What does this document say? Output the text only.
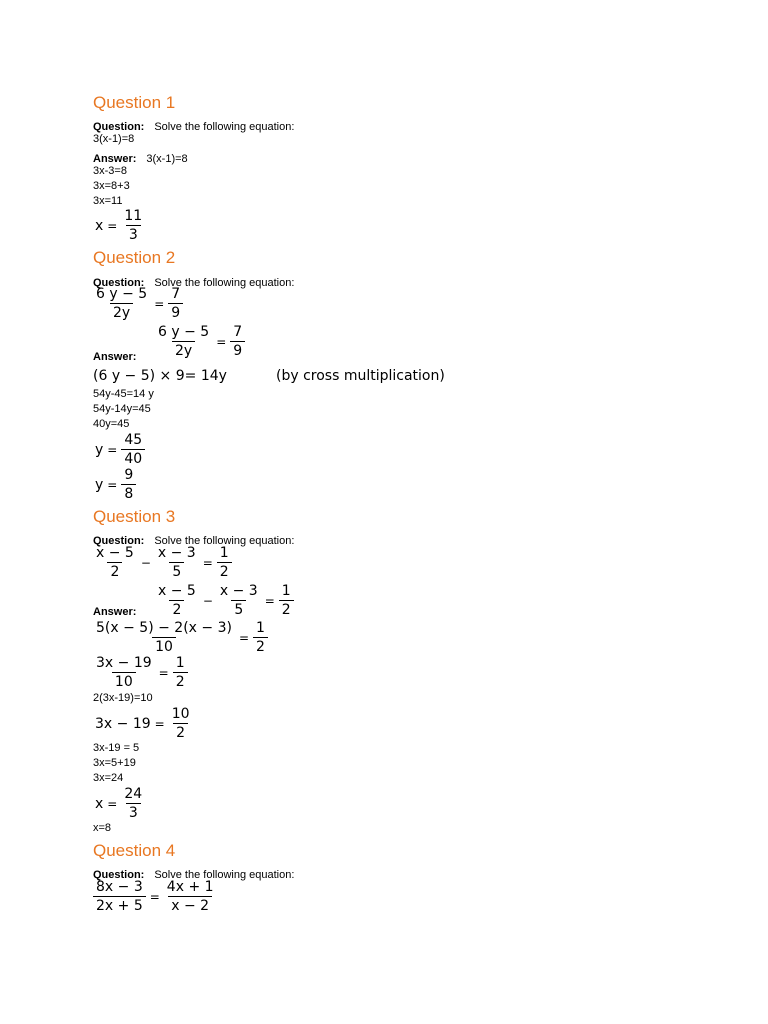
Question 1
Question: Solve the following equation:
3(x-1)=8
Answer: 3(x-1)=8
3x-3=8
3x=8+3
3x=11
$x = \frac{11}{3}$
Question 2
Question: Solve the following equation:
$\frac{6 y - 5}{2y} = \frac{7}{9}$
$\frac{6 y - 5}{2y} = \frac{7}{9}$
Answer:
(6 y − 5) × 9= 14y	(by cross multiplication)
54y-45=14 y
54y-14y=45
40y=45
$y = \frac{45}{40}$
$y = \frac{9}{8}$
Question 3
Question: Solve the following equation:
$\frac{x - 5}{2} - \frac{x - 3}{5} = \frac{1}{2}$
$\frac{x - 5}{2} - \frac{x - 3}{5} = \frac{1}{2}$
Answer:
$\frac{5(x - 5) - 2(x - 3)}{10} = \frac{1}{2}$
$\frac{3x - 19}{10} = \frac{1}{2}$
2(3x-19)=10
$3x - 19 = \frac{10}{2}$
3x-19 = 5
3x=5+19
3x=24
$x = \frac{24}{3}$
x=8
Question 4
Question: Solve the following equation:
$\frac{8x - 3}{2x + 5} = \frac{4x + 1}{x - 2}$
